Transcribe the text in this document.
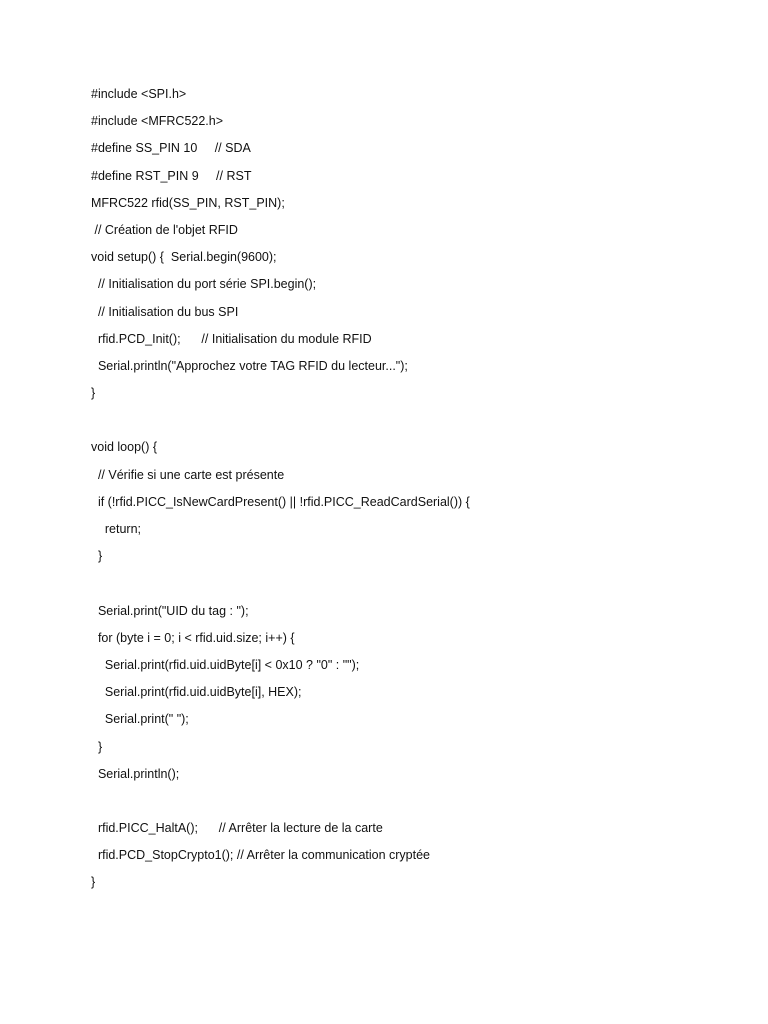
#include <SPI.h>
#include <MFRC522.h>
#define SS_PIN 10     // SDA
#define RST_PIN 9     // RST
MFRC522 rfid(SS_PIN, RST_PIN);
// Création de l'objet RFID
void setup() {  Serial.begin(9600);
// Initialisation du port série SPI.begin();
// Initialisation du bus SPI
rfid.PCD_Init();      // Initialisation du module RFID
Serial.println("Approchez votre TAG RFID du lecteur...");
}
void loop() {
// Vérifie si une carte est présente
if (!rfid.PICC_IsNewCardPresent() || !rfid.PICC_ReadCardSerial()) {
return;
}
Serial.print("UID du tag : ");
for (byte i = 0; i < rfid.uid.size; i++) {
Serial.print(rfid.uid.uidByte[i] < 0x10 ? "0" : "");
Serial.print(rfid.uid.uidByte[i], HEX);
Serial.print(" ");
}
Serial.println();
rfid.PICC_HaltA();      // Arrêter la lecture de la carte
rfid.PCD_StopCrypto1(); // Arrêter la communication cryptée
}
